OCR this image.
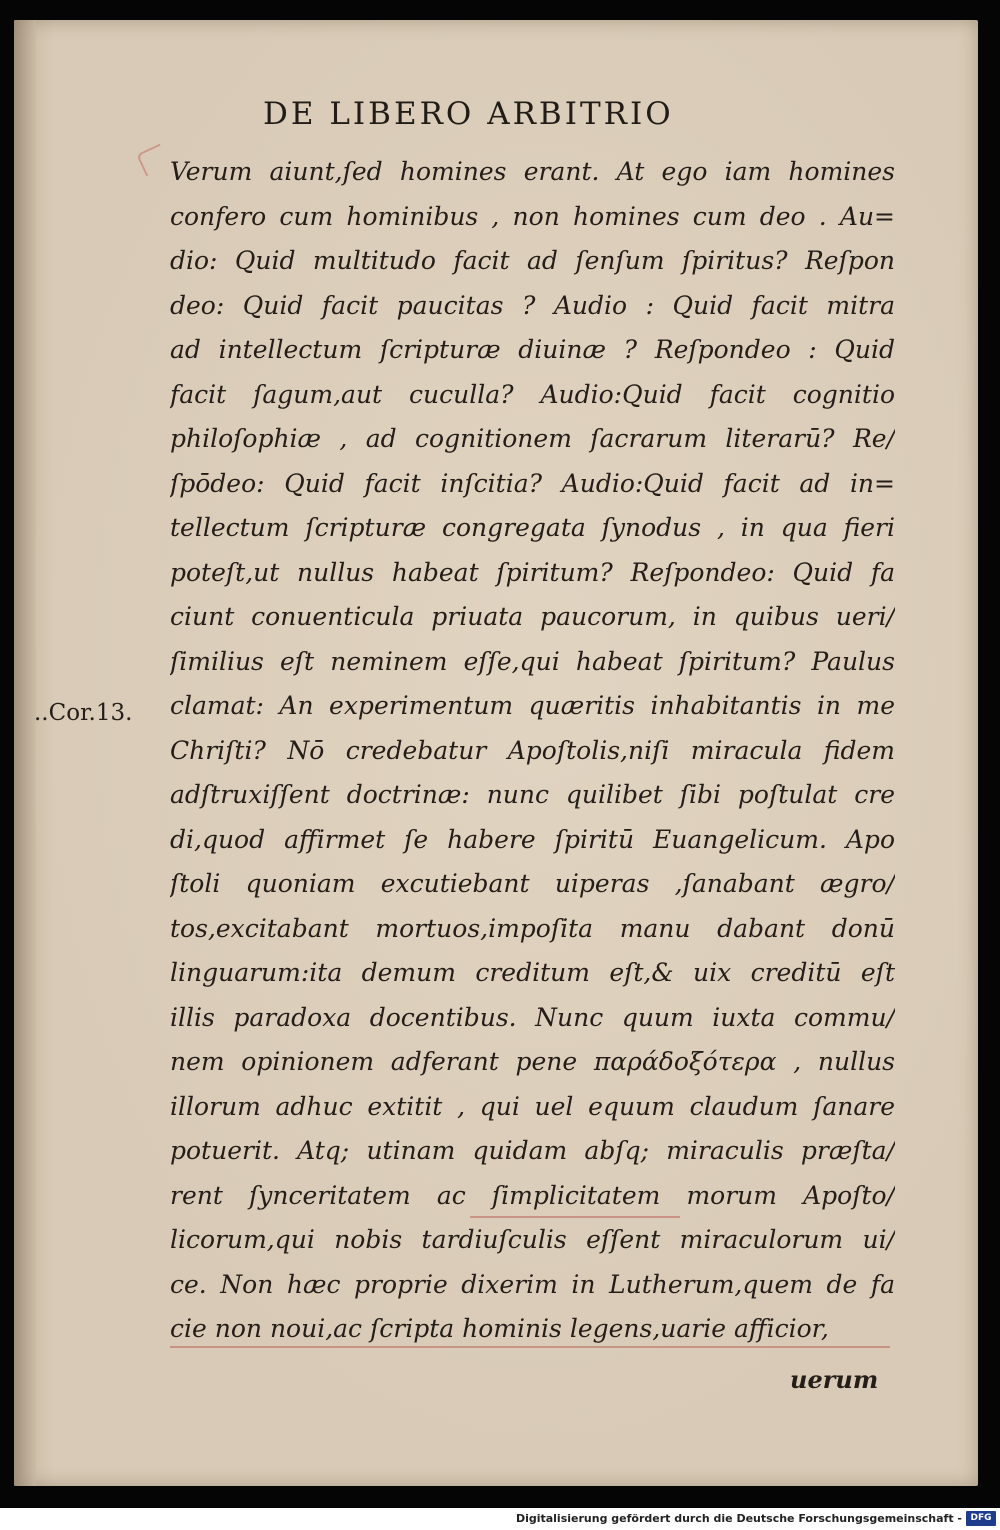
DE LIBERO ARBITRIO
Verum aiunt,ſed homines erant. At ego iam homines
confero cum hominibus , non homines cum deo . Au=
dio: Quid multitudo facit ad ſenſum ſpiritus? Reſpon
deo: Quid facit paucitas ? Audio : Quid facit mitra
ad intellectum ſcripturæ diuinæ ? Reſpondeo : Quid
facit ſagum,aut cuculla? Audio:Quid facit cognitio
philoſophiæ , ad cognitionem ſacrarum literarū? Re/
ſpōdeo: Quid facit inſcitia? Audio:Quid facit ad in=
tellectum ſcripturæ congregata ſynodus , in qua fieri
poteſt,ut nullus habeat ſpiritum? Reſpondeo: Quid fa
ciunt conuenticula priuata paucorum, in quibus ueri/
ſimilius eſt neminem eſſe,qui habeat ſpiritum? Paulus
clamat: An experimentum quæritis inhabitantis in me
Chriſti? Nō credebatur Apoſtolis,niſi miracula fidem
adſtruxiſſent doctrinæ: nunc quilibet ſibi poſtulat cre
di,quod affirmet ſe habere ſpiritū Euangelicum. Apo
ſtoli quoniam excutiebant uiperas ,ſanabant ægro/
tos,excitabant mortuos,impoſita manu dabant donū
linguarum:ita demum creditum eſt,& uix creditū eſt
illis paradoxa docentibus. Nunc quum iuxta commu/
nem opinionem adferant pene παράδοξότερα , nullus
illorum adhuc extitit , qui uel equum claudum ſanare
potuerit. Atq; utinam quidam abſq; miraculis præſta/
rent ſynceritatem ac ſimplicitatem morum Apoſto/
licorum,qui nobis tardiuſculis eſſent miraculorum ui/
ce. Non hæc proprie dixerim in Lutherum,quem de fa
cie non noui,ac ſcripta hominis legens,uarie afficior,
..Cor.13.
uerum
Digitalisierung gefördert durch die Deutsche Forschungsgemeinschaft - DFG
